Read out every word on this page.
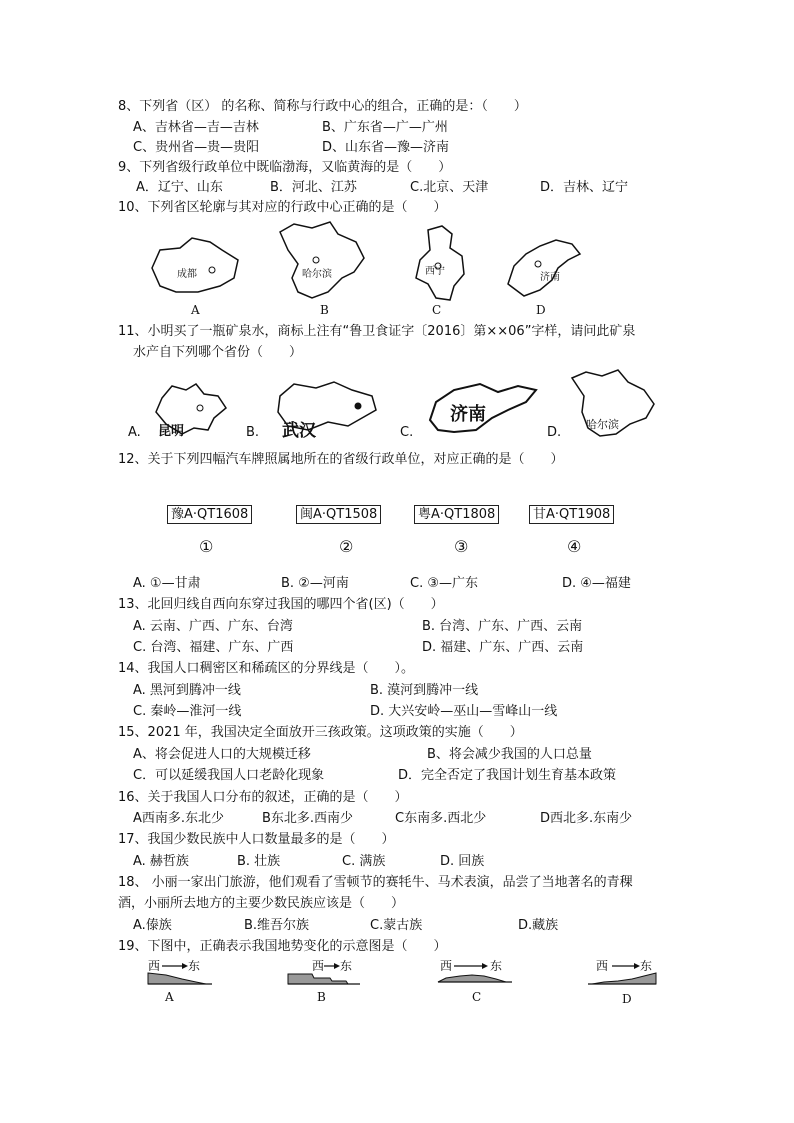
8、下列省（区） 的名称、简称与行政中心的组合，正确的是：（　　）
A、吉林省—吉—吉林	B、广东省—广—广州
C、贵州省—贵—贵阳	D、山东省—豫—济南
9、下列省级行政单位中既临渤海，又临黄海的是（　　）
A．辽宁、山东	B．河北、江苏	C.北京、天津	D．吉林、辽宁
10、下列省区轮廓与其对应的行政中心正确的是（　　）
成都
A
哈尔滨
B
西宁
C
济南
D
11、小明买了一瓶矿泉水，商标上注有“鲁卫食证字〔2016〕第××06”字样，请问此矿泉
水产自下列哪个省份（　　）
A. 昆明	B. 武汉	C.
济南
D.
哈尔滨
12、关于下列四幅汽车牌照属地所在的省级行政单位，对应正确的是（　　）
豫A·QT1608	闽A·QT1508	粤A·QT1808	甘A·QT1908
①	②	③	④
A. ①—甘肃	B. ②—河南	C. ③—广东	D. ④—福建
13、北回归线自西向东穿过我国的哪四个省(区)（　　）
A. 云南、广西、广东、台湾	B. 台湾、广东、广西、云南
C. 台湾、福建、广东、广西	D. 福建、广东、广西、云南
14、我国人口稠密区和稀疏区的分界线是（　　）。
A. 黑河到腾冲一线	B. 漠河到腾冲一线
C. 秦岭—淮河一线	D. 大兴安岭—巫山—雪峰山一线
15、2021 年，我国决定全面放开三孩政策。这项政策的实施（　　）
A、将会促进人口的大规模迁移	B、将会减少我国的人口总量
C．可以延缓我国人口老龄化现象	D．完全否定了我国计划生育基本政策
16、关于我国人口分布的叙述，正确的是（　　）
A西南多.东北少	B东北多.西南少	C东南多.西北少	D西北多.东南少
17、我国少数民族中人口数量最多的是（　　）
A. 赫哲族	B. 壮族	C. 满族	D. 回族
18、 小丽一家出门旅游，他们观看了雪顿节的赛牦牛、马术表演，品尝了当地著名的青稞
酒，小丽所去地方的主要少数民族应该是（　　）
A.傣族	B.维吾尔族	C.蒙古族	D.藏族
19、下图中，正确表示我国地势变化的示意图是（　　）
西 东
A
西 东
B
西	东
C
西	东
D
